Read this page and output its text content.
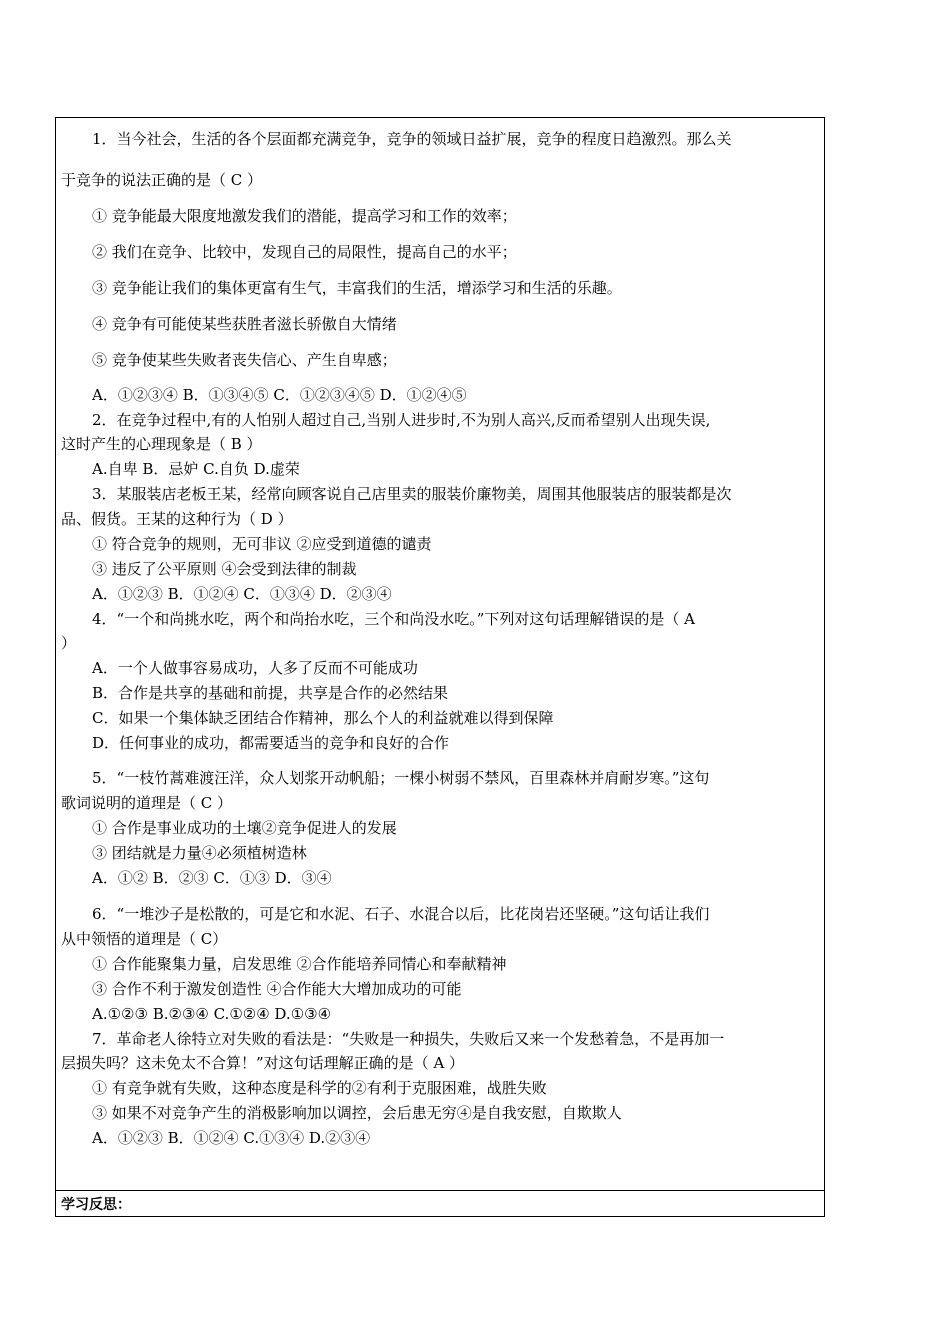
1．当今社会，生活的各个层面都充满竞争，竞争的领域日益扩展，竞争的程度日趋激烈。那么关
于竞争的说法正确的是（ C ）
① 竞争能最大限度地激发我们的潜能，提高学习和工作的效率；
② 我们在竞争、比较中，发现自己的局限性，提高自己的水平；
③ 竞争能让我们的集体更富有生气，丰富我们的生活，增添学习和生活的乐趣。
④ 竞争有可能使某些获胜者滋长骄傲自大情绪
⑤ 竞争使某些失败者丧失信心、产生自卑感；
A．①②③④ B．①③④⑤ C．①②③④⑤ D．①②④⑤
2．在竞争过程中,有的人怕别人超过自己,当别人进步时,不为别人高兴,反而希望别人出现失误,
这时产生的心理现象是（ B ）
A.自卑 B．忌妒 C.自负 D.虚荣
3．某服装店老板王某，经常向顾客说自己店里卖的服装价廉物美，周围其他服装店的服装都是次
品、假货。王某的这种行为（ D ）
① 符合竞争的规则，无可非议 ②应受到道德的谴责
③ 违反了公平原则 ④会受到法律的制裁
A．①②③ B．①②④ C．①③④ D．②③④
4．“一个和尚挑水吃，两个和尚抬水吃，三个和尚没水吃。”下列对这句话理解错误的是（ A
）
A．一个人做事容易成功，人多了反而不可能成功
B．合作是共享的基础和前提，共享是合作的必然结果
C．如果一个集体缺乏团结合作精神，那么个人的利益就难以得到保障
D．任何事业的成功，都需要适当的竞争和良好的合作
5．“一枝竹蒿难渡汪洋，众人划浆开动帆船；一棵小树弱不禁风，百里森林并肩耐岁寒。”这句
歌词说明的道理是（ C ）
① 合作是事业成功的土壤②竞争促进人的发展
③ 团结就是力量④必须植树造林
A．①② B．②③ C．①③ D．③④
6．“一堆沙子是松散的，可是它和水泥、石子、水混合以后，比花岗岩还坚硬。”这句话让我们
从中领悟的道理是（ C）
① 合作能聚集力量，启发思维 ②合作能培养同情心和奉献精神
③ 合作不利于激发创造性 ④合作能大大增加成功的可能
A.①②③ B.②③④ C.①②④ D.①③④
7．革命老人徐特立对失败的看法是：“失败是一种损失，失败后又来一个发愁着急，不是再加一
层损失吗？这未免太不合算！”对这句话理解正确的是（ A ）
① 有竞争就有失败，这种态度是科学的②有利于克服困难，战胜失败
③ 如果不对竞争产生的消极影响加以调控，会后患无穷④是自我安慰，自欺欺人
A．①②③ B．①②④ C.①③④ D.②③④
学习反思：
